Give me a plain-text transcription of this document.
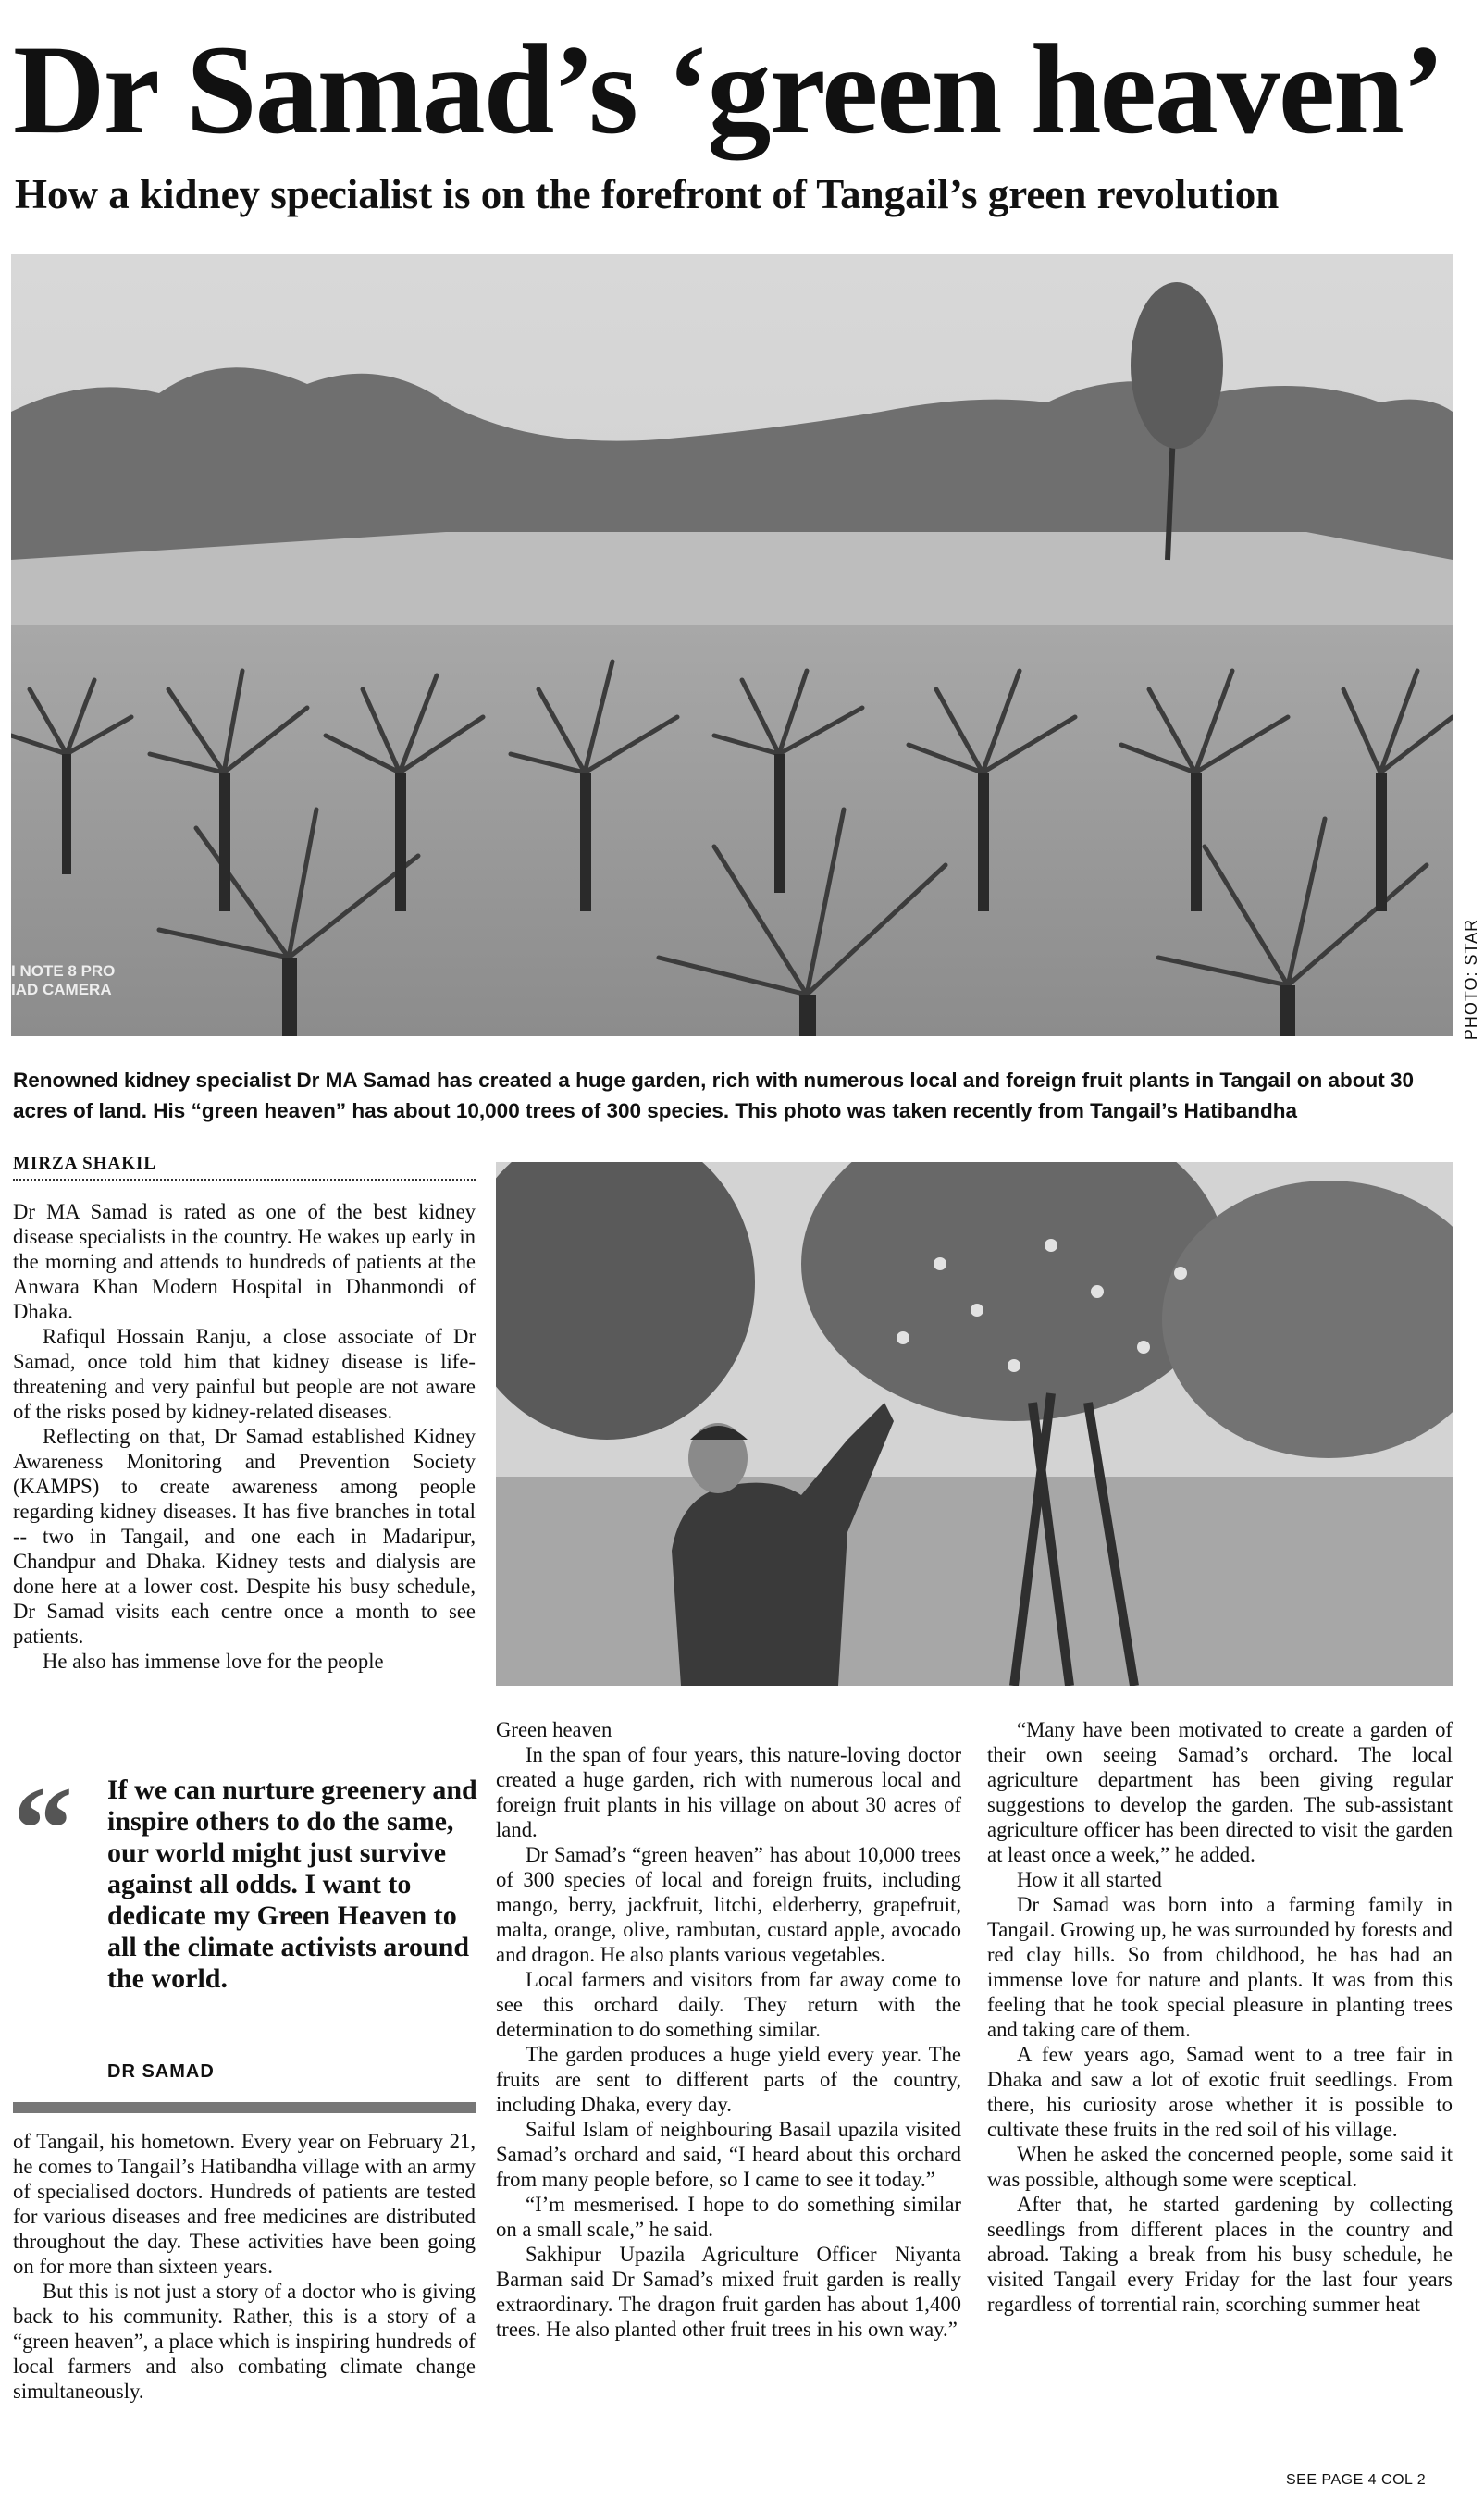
Dr Samad’s ‘green heaven’
How a kidney specialist is on the forefront of Tangail’s green revolution
I NOTE 8 PRO
IAD CAMERA	PHOTO: STAR
Renowned kidney specialist Dr MA Samad has created a huge garden, rich with numerous local and foreign fruit plants in Tangail on about 30 acres of land. His “green heaven” has about 10,000 trees of 300 species. This photo was taken recently from Tangail’s Hatibandha
MIRZA SHAKIL

Dr MA Samad is rated as one of the best kidney disease specialists in the country. He wakes up early in the morning and attends to hundreds of patients at the Anwara Khan Modern Hospital in Dhanmondi of Dhaka.

Rafiqul Hossain Ranju, a close associate of Dr Samad, once told him that kidney disease is life-threatening and very painful but people are not aware of the risks posed by kidney-related diseases.

Reflecting on that, Dr Samad established Kidney Awareness Monitoring and Prevention Society (KAMPS) to create awareness among people regarding kidney diseases. It has five branches in total -- two in Tangail, and one each in Madaripur, Chandpur and Dhaka. Kidney tests and dialysis are done here at a lower cost. Despite his busy schedule, Dr Samad visits each centre once a month to see patients.

He also has immense love for the people

“ If we can nurture greenery and inspire others to do the same, our world might just survive against all odds. I want to dedicate my Green Heaven to all the climate activists around the world.
DR SAMAD

of Tangail, his hometown. Every year on February 21, he comes to Tangail’s Hatibandha village with an army of specialised doctors. Hundreds of patients are tested for various diseases and free medicines are distributed throughout the day. These activities have been going on for more than sixteen years.

But this is not just a story of a doctor who is giving back to his community. Rather, this is a story of a “green heaven”, a place which is inspiring hundreds of local farmers and also combating climate change simultaneously.

Green heaven

In the span of four years, this nature-loving doctor created a huge garden, rich with numerous local and foreign fruit plants in his village on about 30 acres of land.

Dr Samad’s “green heaven” has about 10,000 trees of 300 species of local and foreign fruits, including mango, berry, jackfruit, litchi, elderberry, grapefruit, malta, orange, olive, rambutan, custard apple, avocado and dragon. He also plants various vegetables.

Local farmers and visitors from far away come to see this orchard daily. They return with the determination to do something similar.

The garden produces a huge yield every year. The fruits are sent to different parts of the country, including Dhaka, every day.

Saiful Islam of neighbouring Basail upazila visited Samad’s orchard and said, “I heard about this orchard from many people before, so I came to see it today.”

“I’m mesmerised. I hope to do something similar on a small scale,” he said.

Sakhipur Upazila Agriculture Officer Niyanta Barman said Dr Samad’s mixed fruit garden is really extraordinary. The dragon fruit garden has about 1,400 trees. He also planted other fruit trees in his own way.”

“Many have been motivated to create a garden of their own seeing Samad’s orchard. The local agriculture department has been giving regular suggestions to develop the garden. The sub-assistant agriculture officer has been directed to visit the garden at least once a week,” he added.

How it all started

Dr Samad was born into a farming family in Tangail. Growing up, he was surrounded by forests and red clay hills. So from childhood, he has had an immense love for nature and plants. It was from this feeling that he took special pleasure in planting trees and taking care of them.

A few years ago, Samad went to a tree fair in Dhaka and saw a lot of exotic fruit seedlings. From there, his curiosity arose whether it is possible to cultivate these fruits in the red soil of his village.

When he asked the concerned people, some said it was possible, although some were sceptical.

After that, he started gardening by collecting seedlings from different places in the country and abroad. Taking a break from his busy schedule, he visited Tangail every Friday for the last four years regardless of torrential rain, scorching summer heat

SEE PAGE 4 COL 2
